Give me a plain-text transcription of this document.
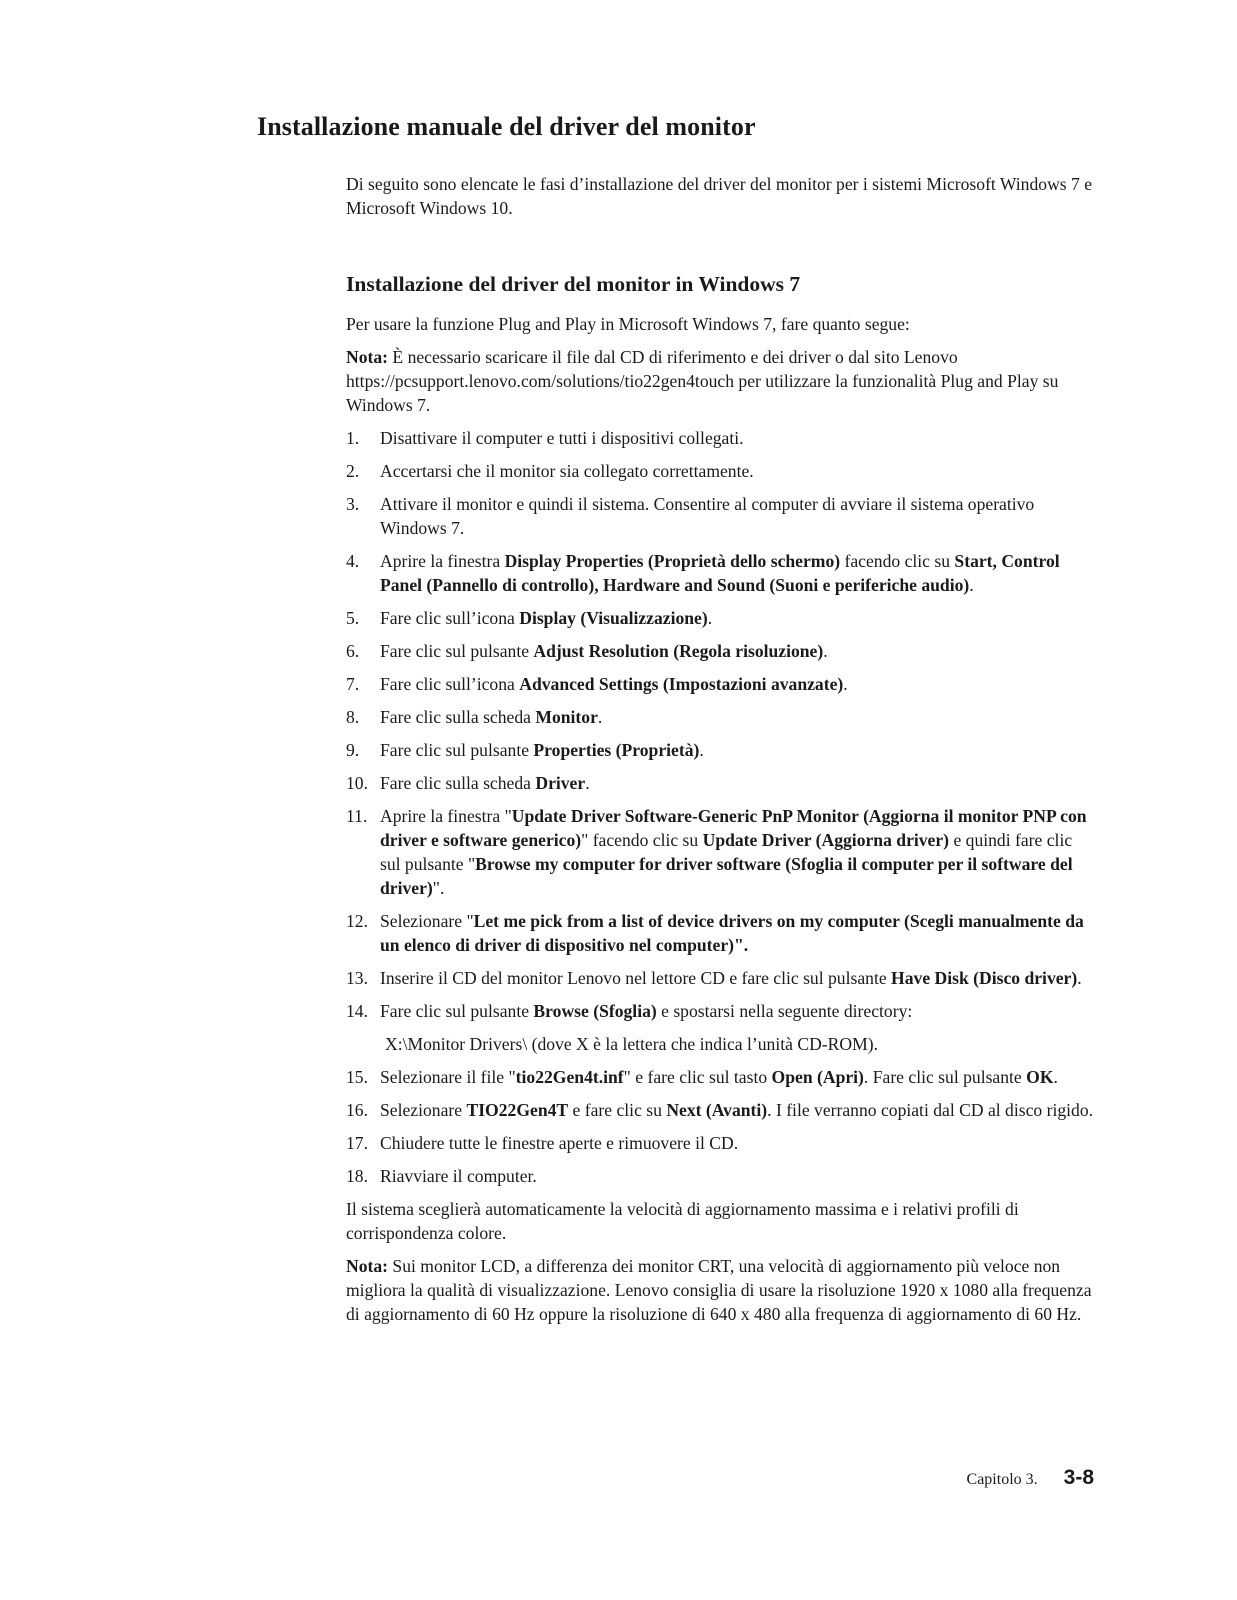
Installazione manuale del driver del monitor

Di seguito sono elencate le fasi d’installazione del driver del monitor per i sistemi Microsoft Windows 7 e Microsoft Windows 10.

Installazione del driver del monitor in Windows 7

Per usare la funzione Plug and Play in Microsoft Windows 7, fare quanto segue:

Nota: È necessario scaricare il file dal CD di riferimento e dei driver o dal sito Lenovo https://pcsupport.lenovo.com/solutions/tio22gen4touch per utilizzare la funzionalità Plug and Play su Windows 7.

1. Disattivare il computer e tutti i dispositivi collegati.
2. Accertarsi che il monitor sia collegato correttamente.
3. Attivare il monitor e quindi il sistema. Consentire al computer di avviare il sistema operativo Windows 7.
4. Aprire la finestra Display Properties (Proprietà dello schermo) facendo clic su Start, Control Panel (Pannello di controllo), Hardware and Sound (Suoni e periferiche audio).
5. Fare clic sull’icona Display (Visualizzazione).
6. Fare clic sul pulsante Adjust Resolution (Regola risoluzione).
7. Fare clic sull’icona Advanced Settings (Impostazioni avanzate).
8. Fare clic sulla scheda Monitor.
9. Fare clic sul pulsante Properties (Proprietà).
10. Fare clic sulla scheda Driver.
11. Aprire la finestra "Update Driver Software-Generic PnP Monitor (Aggiorna il monitor PNP con driver e software generico)" facendo clic su Update Driver (Aggiorna driver) e quindi fare clic sul pulsante "Browse my computer for driver software (Sfoglia il computer per il software del driver)".
12. Selezionare "Let me pick from a list of device drivers on my computer (Scegli manualmente da un elenco di driver di dispositivo nel computer)".
13. Inserire il CD del monitor Lenovo nel lettore CD e fare clic sul pulsante Have Disk (Disco driver).
14. Fare clic sul pulsante Browse (Sfoglia) e spostarsi nella seguente directory:

X:\Monitor Drivers\ (dove X è la lettera che indica l’unità CD-ROM).

15. Selezionare il file "tio22Gen4t.inf" e fare clic sul tasto Open (Apri). Fare clic sul pulsante OK.
16. Selezionare TIO22Gen4T e fare clic su Next (Avanti). I file verranno copiati dal CD al disco rigido.
17. Chiudere tutte le finestre aperte e rimuovere il CD.
18. Riavviare il computer.

Il sistema sceglierà automaticamente la velocità di aggiornamento massima e i relativi profili di corrispondenza colore.

Nota: Sui monitor LCD, a differenza dei monitor CRT, una velocità di aggiornamento più veloce non migliora la qualità di visualizzazione. Lenovo consiglia di usare la risoluzione 1920 x 1080 alla frequenza di aggiornamento di 60 Hz oppure la risoluzione di 640 x 480 alla frequenza di aggiornamento di 60 Hz.

Capitolo 3. 3-8
